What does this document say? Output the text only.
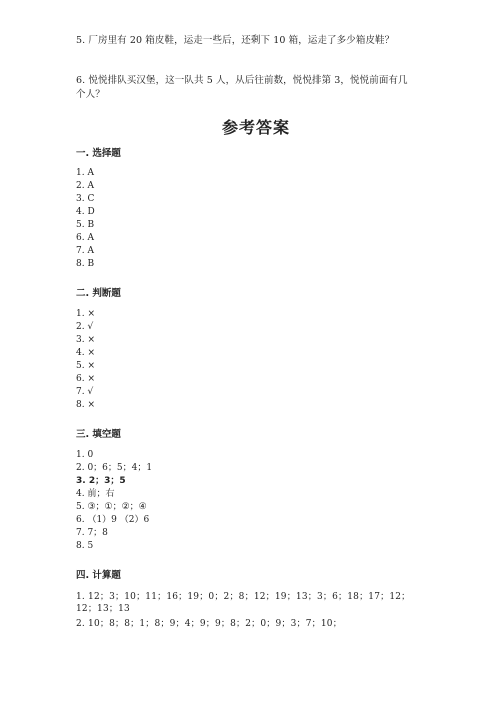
5. 厂房里有 20 箱皮鞋，运走一些后，还剩下 10 箱，运走了多少箱皮鞋？
6. 悦悦排队买汉堡，这一队共 5 人，从后往前数，悦悦排第 3，悦悦前面有几
个人？
参考答案
一. 选择题
1. A
2. A
3. C
4. D
5. B
6. A
7. A
8. B
二. 判断题
1. ×
2. √
3. ×
4. ×
5. ×
6. ×
7. √
8. ×
三. 填空题
1. 0
2. 0；6；5；4；1
3. 2；3；5
4. 前；右
5. ③；①；②；④
6. （1）9 （2）6
7. 7；8
8. 5
四. 计算题
1. 12；3；10；11；16；19；0；2；8；12；19；13；3；6；18；17；12；12；13；13
2. 10；8；8；1；8；9；4；9；9；8；2；0；9；3；7；10；
